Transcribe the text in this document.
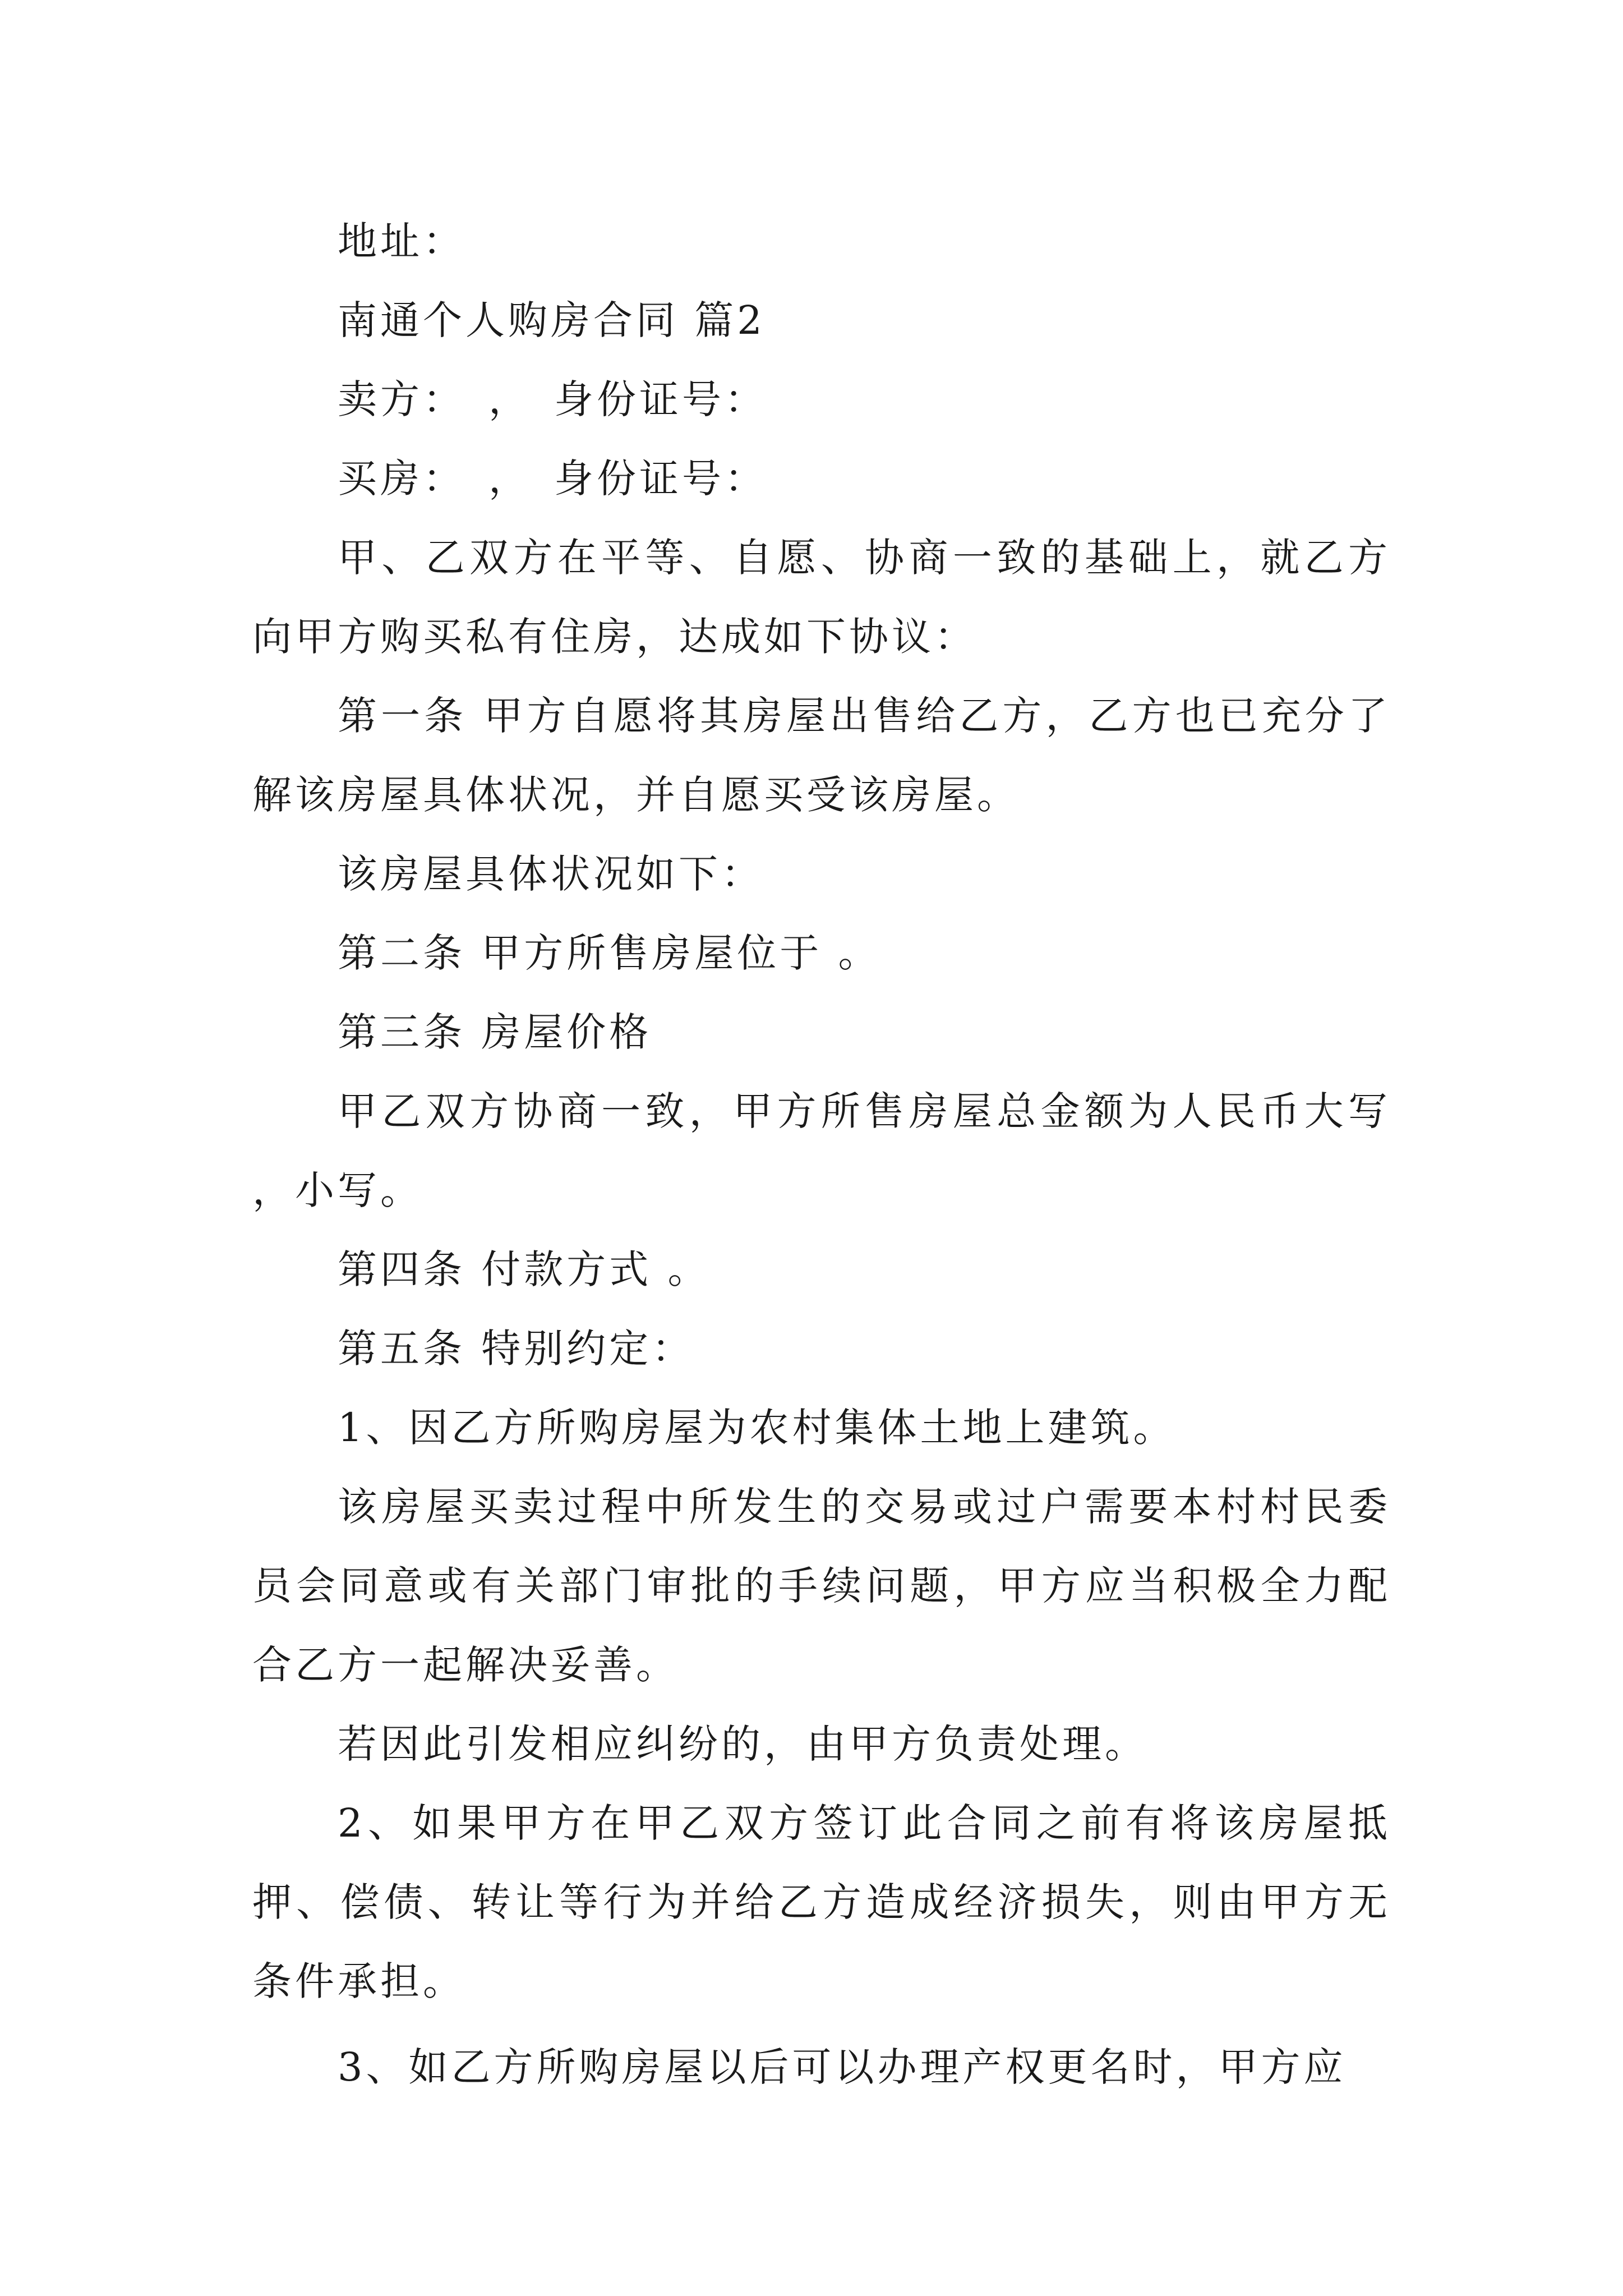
地址：

南通个人购房合同 篇2

卖方：　，　身份证号：

买房：　，　身份证号：

甲、乙双方在平等、自愿、协商一致的基础上，就乙方向甲方购买私有住房，达成如下协议：

第一条 甲方自愿将其房屋出售给乙方，乙方也已充分了解该房屋具体状况，并自愿买受该房屋。

该房屋具体状况如下：

第二条 甲方所售房屋位于 。

第三条 房屋价格

甲乙双方协商一致，甲方所售房屋总金额为人民币大写 ，小写。

第四条 付款方式 。

第五条 特别约定：

1、因乙方所购房屋为农村集体土地上建筑。

该房屋买卖过程中所发生的交易或过户需要本村村民委员会同意或有关部门审批的手续问题，甲方应当积极全力配合乙方一起解决妥善。

若因此引发相应纠纷的，由甲方负责处理。

2、如果甲方在甲乙双方签订此合同之前有将该房屋抵押、偿债、转让等行为并给乙方造成经济损失，则由甲方无条件承担。

3、如乙方所购房屋以后可以办理产权更名时，甲方应
